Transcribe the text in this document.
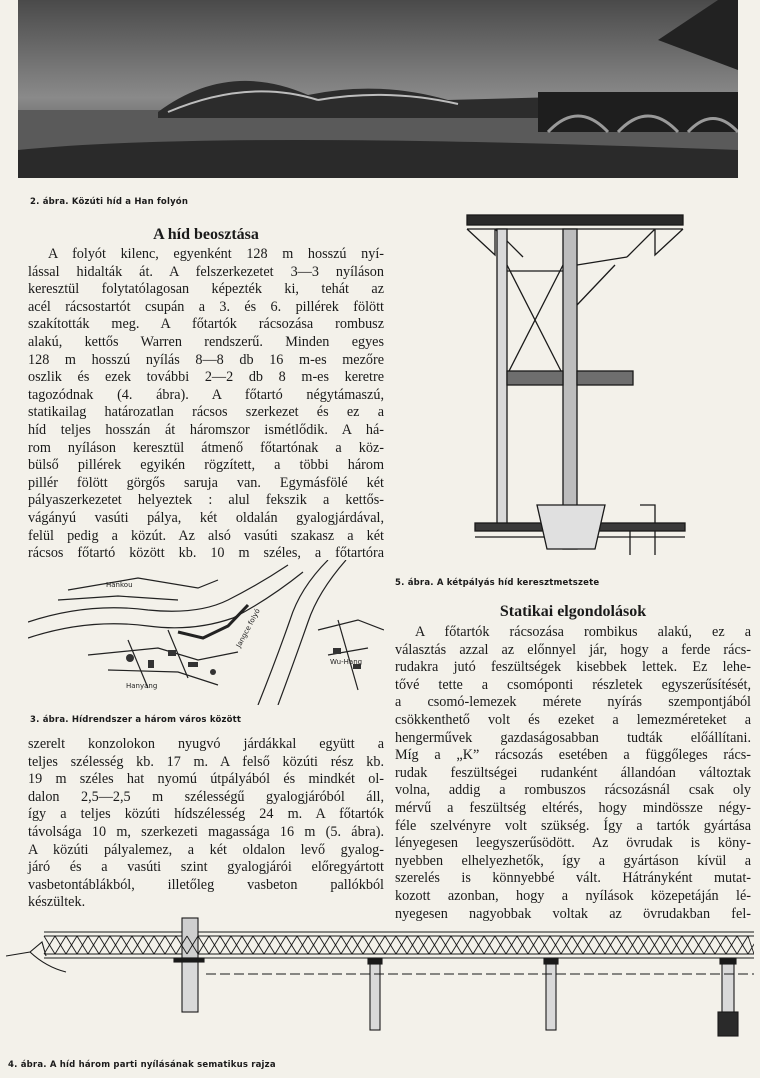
2. ábra. Közúti híd a Han folyón
A híd beosztása
A folyót kilenc, egyenként 128 m hosszú nyí-
lással hidalták át. A felszerkezetet 3—3 nyíláson
keresztül folytatólagosan képezték ki, tehát az
acél rácsostartót csupán a 3. és 6. pillérek fölött
szakították meg. A főtartók rácsozása rombusz
alakú, kettős Warren rendszerű. Minden egyes
128 m hosszú nyílás 8—8 db 16 m-es mezőre
oszlik és ezek további 2—2 db 8 m-es keretre
tagozódnak (4. ábra). A főtartó négytámaszú,
statikailag határozatlan rácsos szerkezet és ez a
híd teljes hosszán át háromszor ismétlődik. A há-
rom nyíláson keresztül átmenő főtartónak a köz-
bülső pillérek egyikén rögzített, a többi három
pillér fölött görgős saruja van. Egymásfölé két
pályaszerkezetet helyeztek : alul fekszik a kettős-
vágányú vasúti pálya, két oldalán gyalogjárdával,
felül pedig a közút. Az alsó vasúti szakasz a két
rácsos főtartó között kb. 10 m széles, a főtartóra
Hankou
Jangce folyó
Hanyang
Wu-Hang
3. ábra. Hídrendszer a három város között
szerelt konzolokon nyugvó járdákkal együtt a
teljes szélesség kb. 17 m. A felső közúti rész kb.
19 m széles hat nyomú útpályából és mindkét ol-
dalon 2,5—2,5 m szélességű gyalogjáróból áll,
így a teljes közúti hídszélesség 24 m. A főtartók
távolsága 10 m, szerkezeti magassága 16 m (5. ábra).
A közúti pályalemez, a két oldalon levő gyalog-
járó és a vasúti szint gyalogjárói előregyártott
vasbetontáblákból, illetőleg vasbeton pallókból
készültek.
5. ábra. A kétpályás híd keresztmetszete
Statikai elgondolások
A főtartók rácsozása rombikus alakú, ez a
választás azzal az előnnyel jár, hogy a ferde rács-
rudakra jutó feszültségek kisebbek lettek. Ez lehe-
tővé tette a csomóponti részletek egyszerűsítését,
a csomó-lemezek mérete nyírás szempontjából
csökkenthető volt és ezeket a lemezméreteket a
hengerművek gazdaságosabban tudták előállítani.
Míg a „K” rácsozás esetében a függőleges rács-
rudak feszültségei rudanként állandóan változtak
volna, addig a rombuszos rácsozásnál csak oly
mérvű a feszültség eltérés, hogy mindössze négy-
féle szelvényre volt szükség. Így a tartók gyártása
lényegesen leegyszerűsödött. Az övrudak is köny-
nyebben elhelyezhetők, így a gyártáson kívül a
szerelés is könnyebbé vált. Hátrányként mutat-
kozott azonban, hogy a nyílások közepetáján lé-
nyegesen nagyobbak voltak az övrudakban fel-
4. ábra. A híd három parti nyílásának sematikus rajza
